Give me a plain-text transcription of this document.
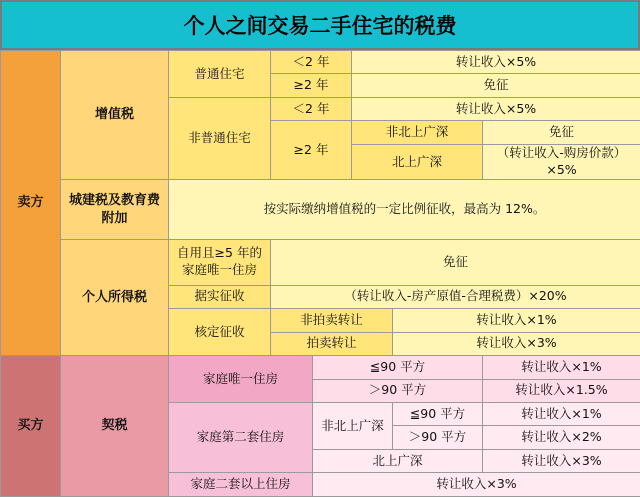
个人之间交易二手住宅的税费
卖方	增值税	普通住宅	＜2 年		转让收入×5%		
			≥2 年		免征		
		非普通住宅	＜2 年		转让收入×5%		
			≥2 年		非北上广深		免征
					北上广深		（转让收入-购房价款）×5%
	城建税及教育费附加	按实际缴纳增值税的一定比例征收，最高为 12%。					
	个人所得税	自用且≥5 年的家庭唯一住房	免征				
		据实征收	（转让收入-房产原值-合理税费）×20%				
		核定征收	非拍卖转让			转让收入×1%	
			拍卖转让			转让收入×3%	
买方	契税	家庭唯一住房		≦90 平方			转让收入×1%
				＞90 平方			转让收入×1.5%
		家庭第二套住房		非北上广深		≦90 平方	转让收入×1%
						＞90 平方	转让收入×2%
				北上广深			转让收入×3%
		家庭二套以上住房		转让收入×3%			
